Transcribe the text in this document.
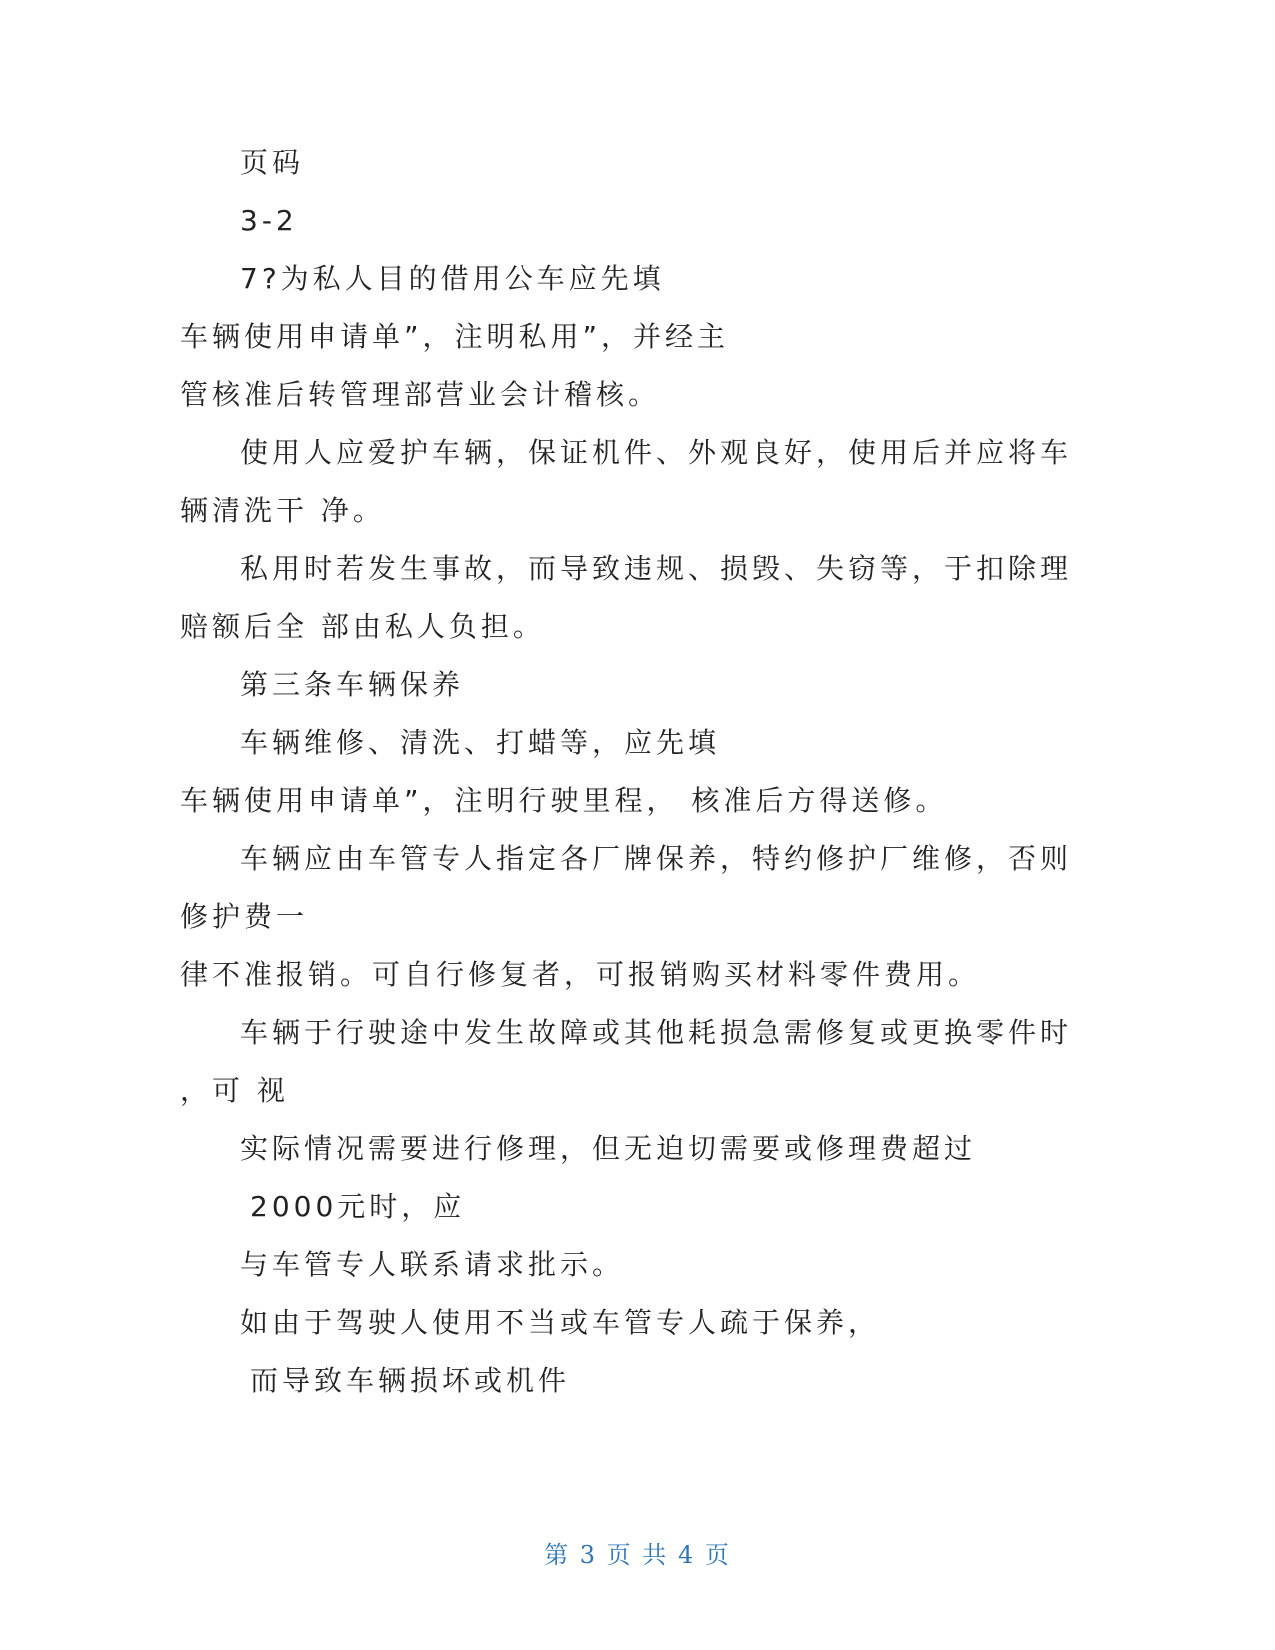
页码
3-2
7?为私人目的借用公车应先填
车辆使用申请单”，注明私用”，并经主
管核准后转管理部营业会计稽核。
使用人应爱护车辆，保证机件、外观良好，使用后并应将车
辆清洗干 净。
私用时若发生事故，而导致违规、损毁、失窃等，于扣除理
赔额后全 部由私人负担。
第三条车辆保养
车辆维修、清洗、打蜡等，应先填
车辆使用申请单”，注明行驶里程， 核准后方得送修。
车辆应由车管专人指定各厂牌保养，特约修护厂维修，否则
修护费一
律不准报销。可自行修复者，可报销购买材料零件费用。
车辆于行驶途中发生故障或其他耗损急需修复或更换零件时
，可 视
实际情况需要进行修理，但无迫切需要或修理费超过
2000元时，应
与车管专人联系请求批示。
如由于驾驶人使用不当或车管专人疏于保养，
而导致车辆损坏或机件
第 3 页 共 4 页
